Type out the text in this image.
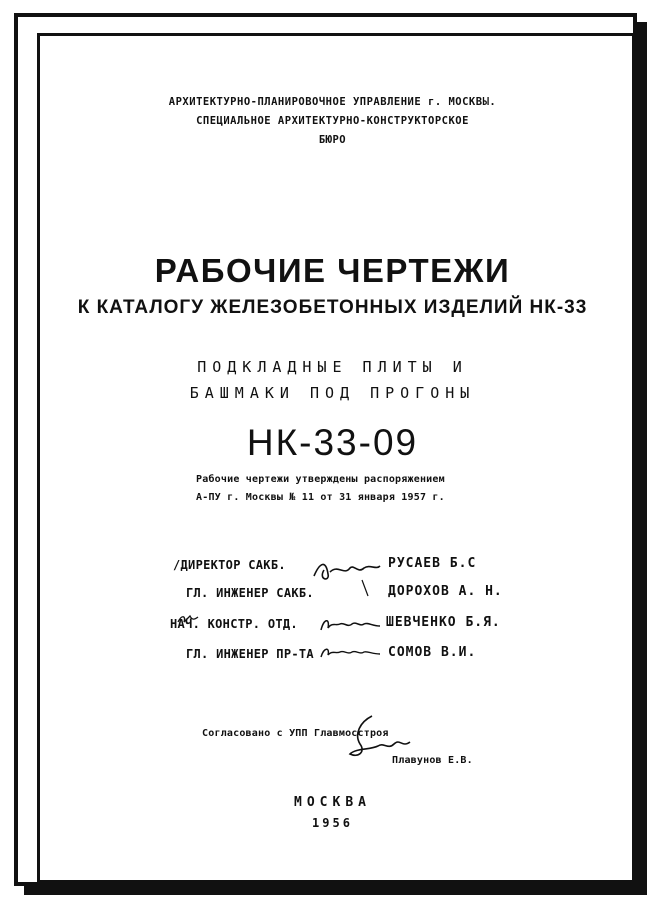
АРХИТЕКТУРНО-ПЛАНИРОВОЧНОЕ УПРАВЛЕНИЕ г. МОСКВЫ.
СПЕЦИАЛЬНОЕ АРХИТЕКТУРНО-КОНСТРУКТОРСКОЕ
БЮРО
РАБОЧИЕ ЧЕРТЕЖИ
К КАТАЛОГУ ЖЕЛЕЗОБЕТОННЫХ ИЗДЕЛИЙ НК-33
ПОДКЛАДНЫЕ ПЛИТЫ И
БАШМАКИ ПОД ПРОГОНЫ
НК-33-09
Рабочие чертежи утверждены распоряжением
А-ПУ г. Москвы № 11 от 31 января 1957 г.
/ДИРЕКТОР САКБ.	РУСАЕВ Б.С
ГЛ. ИНЖЕНЕР САКБ.	ДОРОХОВ А. Н.
НАЧ. КОНСТР. ОТД.	ШЕВЧЕНКО Б.Я.
ГЛ. ИНЖЕНЕР ПР-ТА	СОМОВ В.И.
Согласовано с УПП Главмосстроя
Плавунов Е.В.
МОСКВА
1956
